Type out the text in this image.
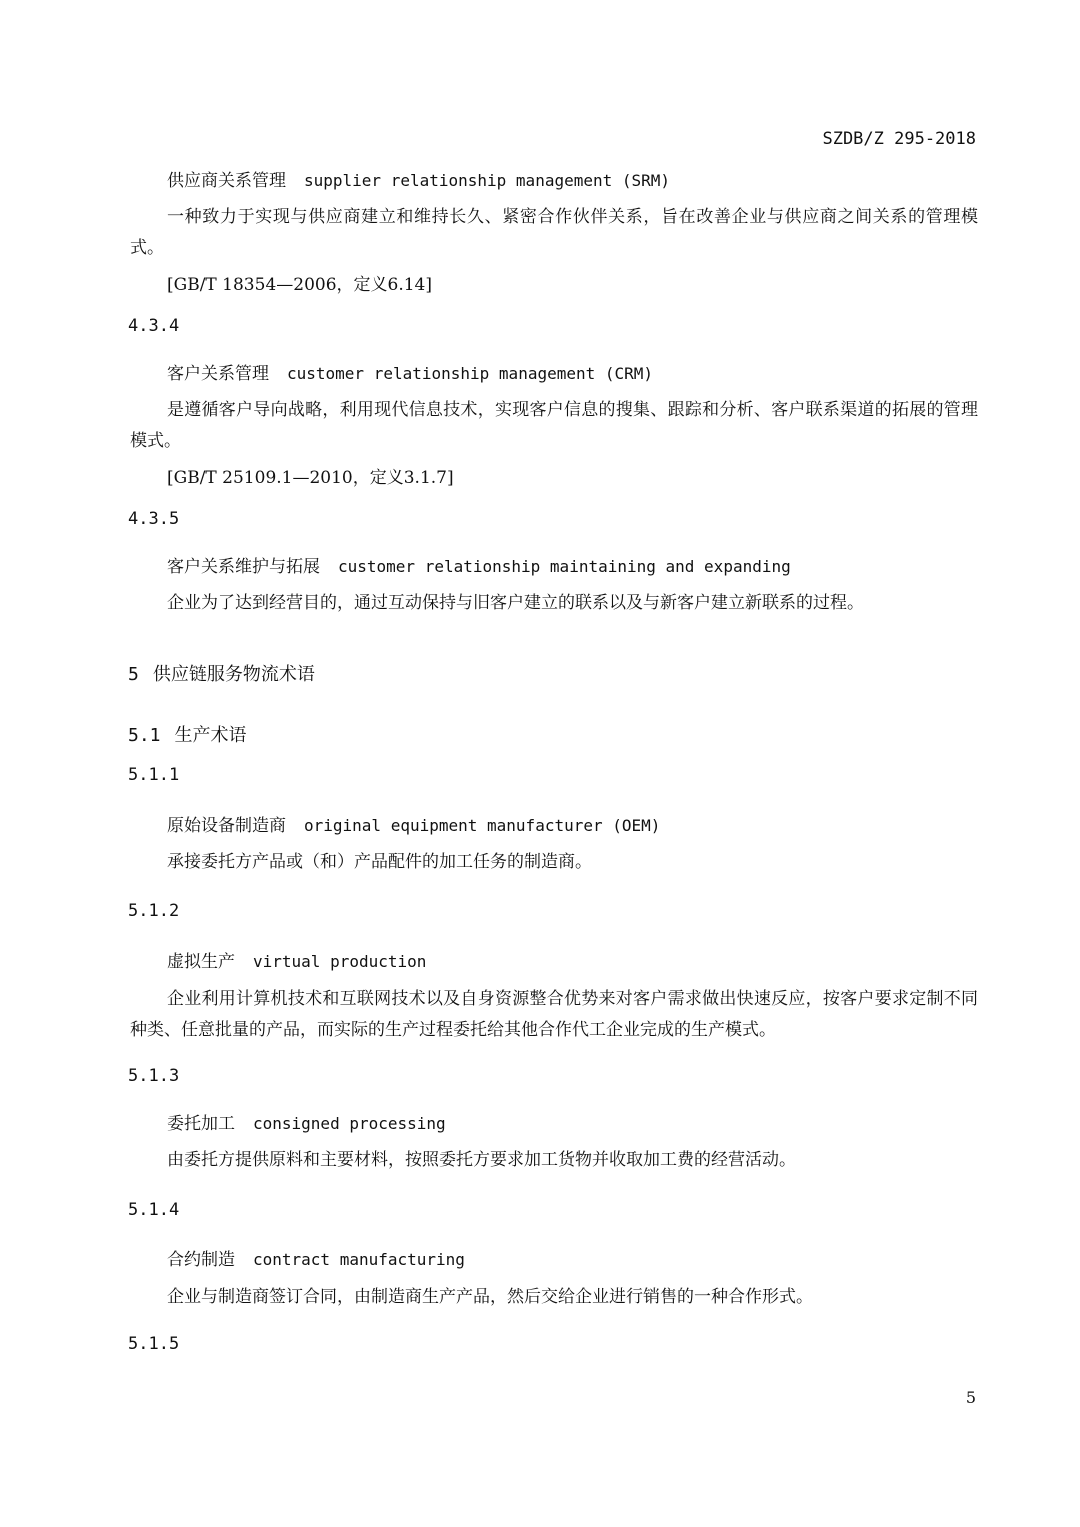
SZDB/Z 295-2018
供应商关系管理 supplier relationship management (SRM)
一种致力于实现与供应商建立和维持长久、紧密合作伙伴关系，旨在改善企业与供应商之间关系的管理模式。
[GB/T 18354—2006，定义6.14]
4.3.4
客户关系管理 customer relationship management (CRM)
是遵循客户导向战略，利用现代信息技术，实现客户信息的搜集、跟踪和分析、客户联系渠道的拓展的管理模式。
[GB/T 25109.1—2010，定义3.1.7]
4.3.5
客户关系维护与拓展 customer relationship maintaining and expanding
企业为了达到经营目的，通过互动保持与旧客户建立的联系以及与新客户建立新联系的过程。
5 供应链服务物流术语
5.1 生产术语
5.1.1
原始设备制造商 original equipment manufacturer (OEM)
承接委托方产品或（和）产品配件的加工任务的制造商。
5.1.2
虚拟生产 virtual production
企业利用计算机技术和互联网技术以及自身资源整合优势来对客户需求做出快速反应，按客户要求定制不同种类、任意批量的产品，而实际的生产过程委托给其他合作代工企业完成的生产模式。
5.1.3
委托加工 consigned processing
由委托方提供原料和主要材料，按照委托方要求加工货物并收取加工费的经营活动。
5.1.4
合约制造 contract manufacturing
企业与制造商签订合同，由制造商生产产品，然后交给企业进行销售的一种合作形式。
5.1.5
5
